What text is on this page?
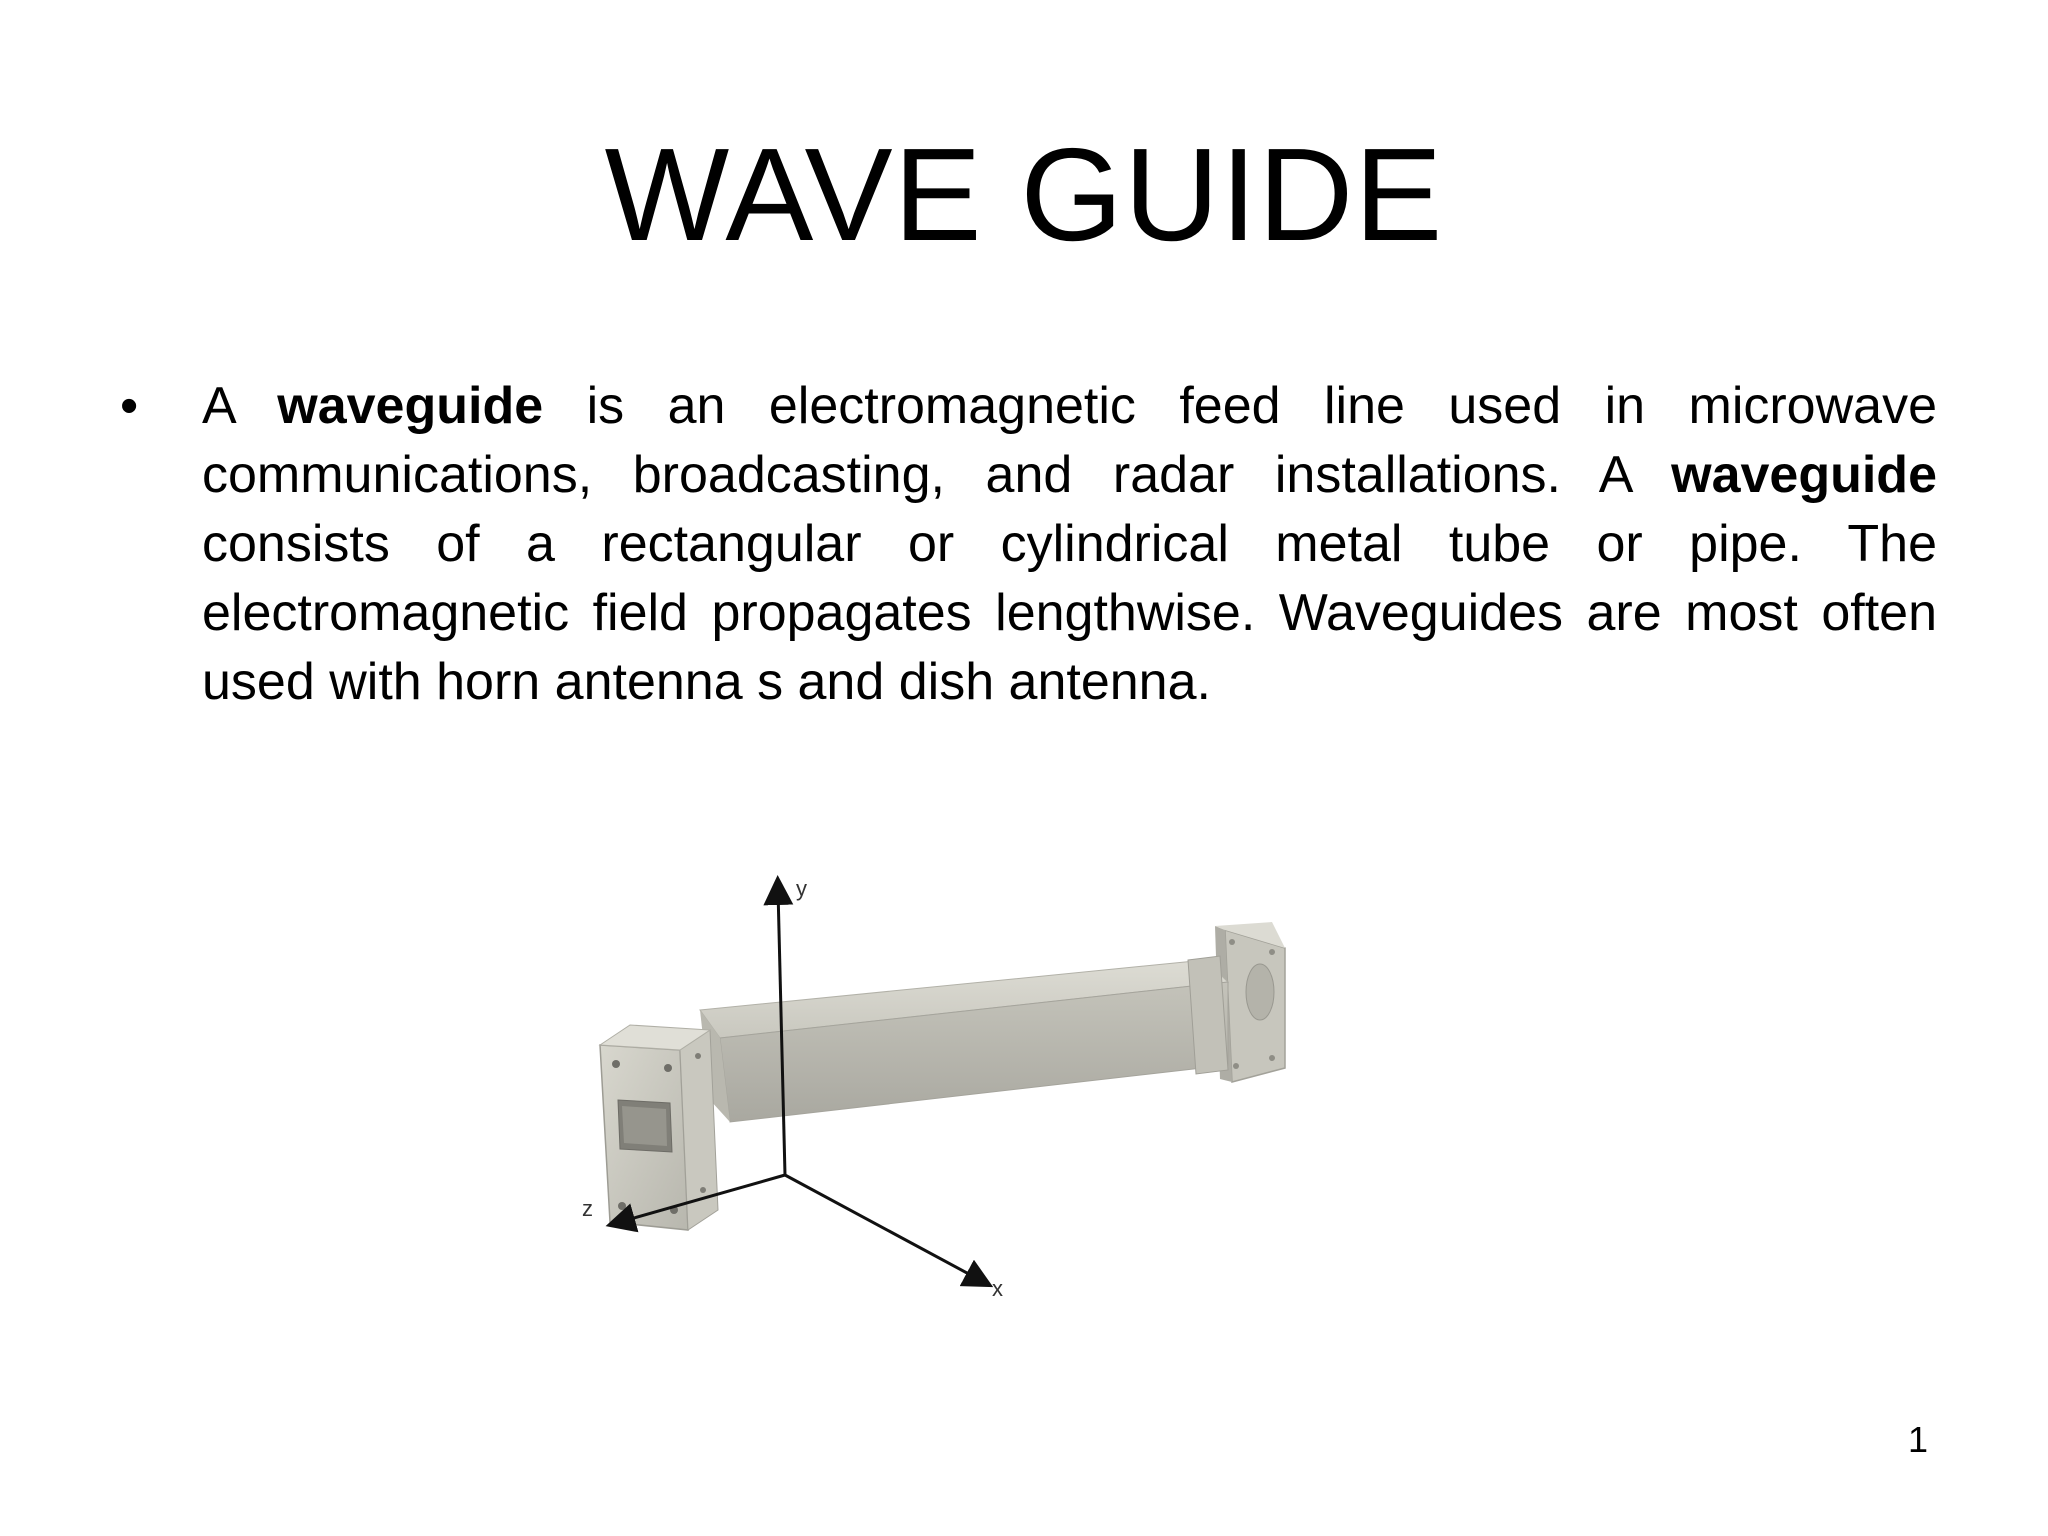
WAVE GUIDE
• A waveguide is an electromagnetic feed line used in microwave communications, broadcasting, and radar installations. A waveguide consists of a rectangular or cylindrical metal tube or pipe. The electromagnetic field propagates lengthwise. Waveguides are most often used with horn antenna s and dish antenna.

y
z
x
1
